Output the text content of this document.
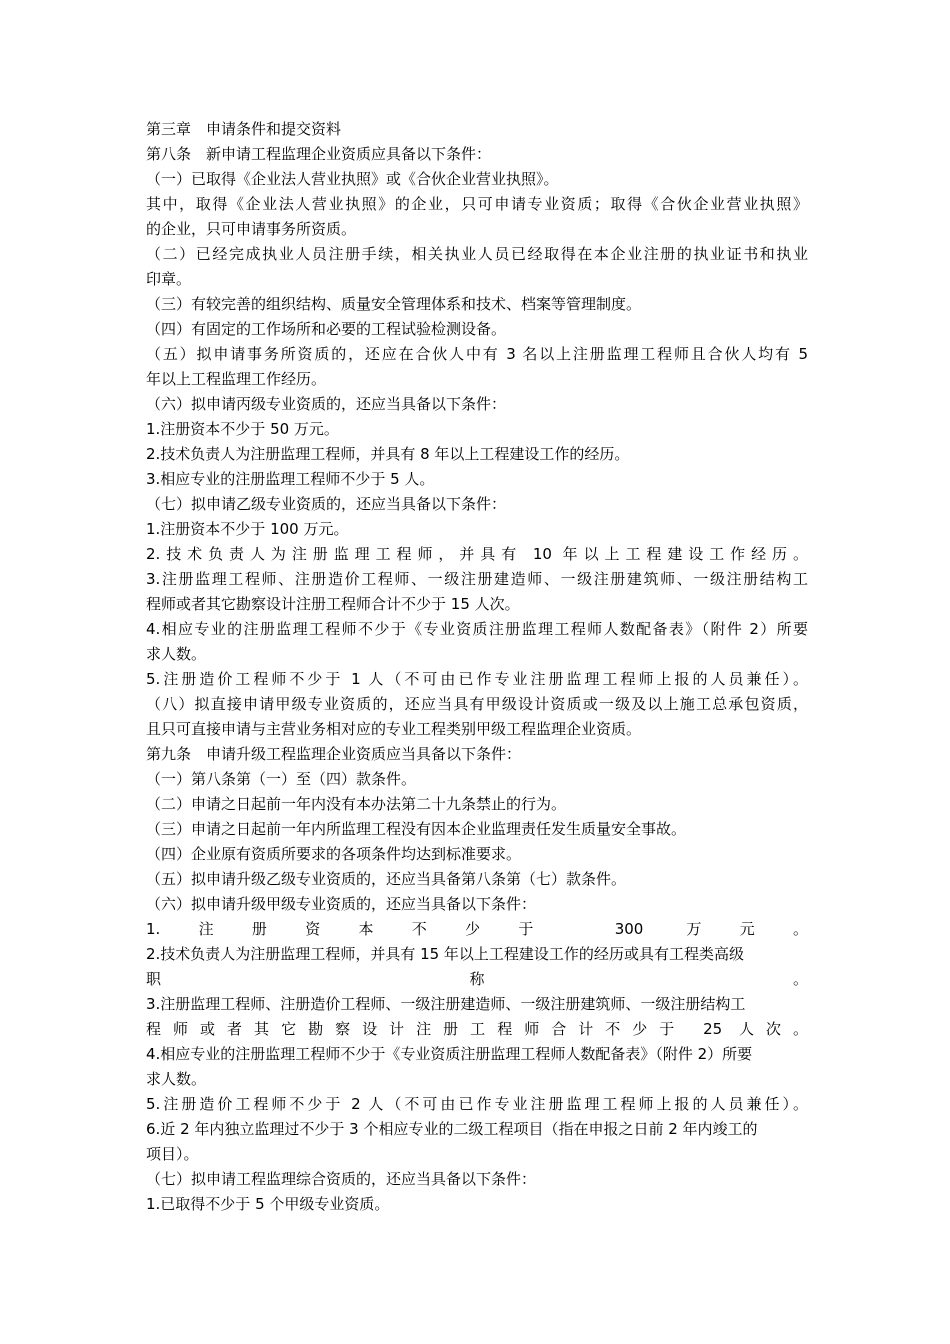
第三章　申请条件和提交资料

第八条　新申请工程监理企业资质应具备以下条件：

（一）已取得《企业法人营业执照》或《合伙企业营业执照》。

其中，取得《企业法人营业执照》的企业，只可申请专业资质；取得《合伙企业营业执照》

的企业，只可申请事务所资质。

（二）已经完成执业人员注册手续，相关执业人员已经取得在本企业注册的执业证书和执业

印章。

（三）有较完善的组织结构、质量安全管理体系和技术、档案等管理制度。

（四）有固定的工作场所和必要的工程试验检测设备。

（五）拟申请事务所资质的，还应在合伙人中有 3 名以上注册监理工程师且合伙人均有 5

年以上工程监理工作经历。

（六）拟申请丙级专业资质的，还应当具备以下条件：

1.注册资本不少于 50 万元。

2.技术负责人为注册监理工程师，并具有 8 年以上工程建设工作的经历。

3.相应专业的注册监理工程师不少于 5 人。

（七）拟申请乙级专业资质的，还应当具备以下条件：

1.注册资本不少于 100 万元。

2.技术负责人为注册监理工程师，并具有 10 年以上工程建设工作经历。

3.注册监理工程师、注册造价工程师、一级注册建造师、一级注册建筑师、一级注册结构工

程师或者其它勘察设计注册工程师合计不少于 15 人次。

4.相应专业的注册监理工程师不少于《专业资质注册监理工程师人数配备表》（附件 2）所要

求人数。

5.注册造价工程师不少于 1 人（不可由已作专业注册监理工程师上报的人员兼任）。

（八）拟直接申请甲级专业资质的，还应当具有甲级设计资质或一级及以上施工总承包资质，

且只可直接申请与主营业务相对应的专业工程类别甲级工程监理企业资质。

第九条　申请升级工程监理企业资质应当具备以下条件：

（一）第八条第（一）至（四）款条件。

（二）申请之日起前一年内没有本办法第二十九条禁止的行为。

（三）申请之日起前一年内所监理工程没有因本企业监理责任发生质量安全事故。

（四）企业原有资质所要求的各项条件均达到标准要求。

（五）拟申请升级乙级专业资质的，还应当具备第八条第（七）款条件。

（六）拟申请升级甲级专业资质的，还应当具备以下条件：

1.注册资本不少于 300 万元。

2.技术负责人为注册监理工程师，并具有 15 年以上工程建设工作的经历或具有工程类高级

职称。

3.注册监理工程师、注册造价工程师、一级注册建造师、一级注册建筑师、一级注册结构工

程师或者其它勘察设计注册工程师合计不少于 25 人次。

4.相应专业的注册监理工程师不少于《专业资质注册监理工程师人数配备表》（附件 2）所要

求人数。

5.注册造价工程师不少于 2 人（不可由已作专业注册监理工程师上报的人员兼任）。

6.近 2 年内独立监理过不少于 3 个相应专业的二级工程项目（指在申报之日前 2 年内竣工的

项目）。

（七）拟申请工程监理综合资质的，还应当具备以下条件：

1.已取得不少于 5 个甲级专业资质。
